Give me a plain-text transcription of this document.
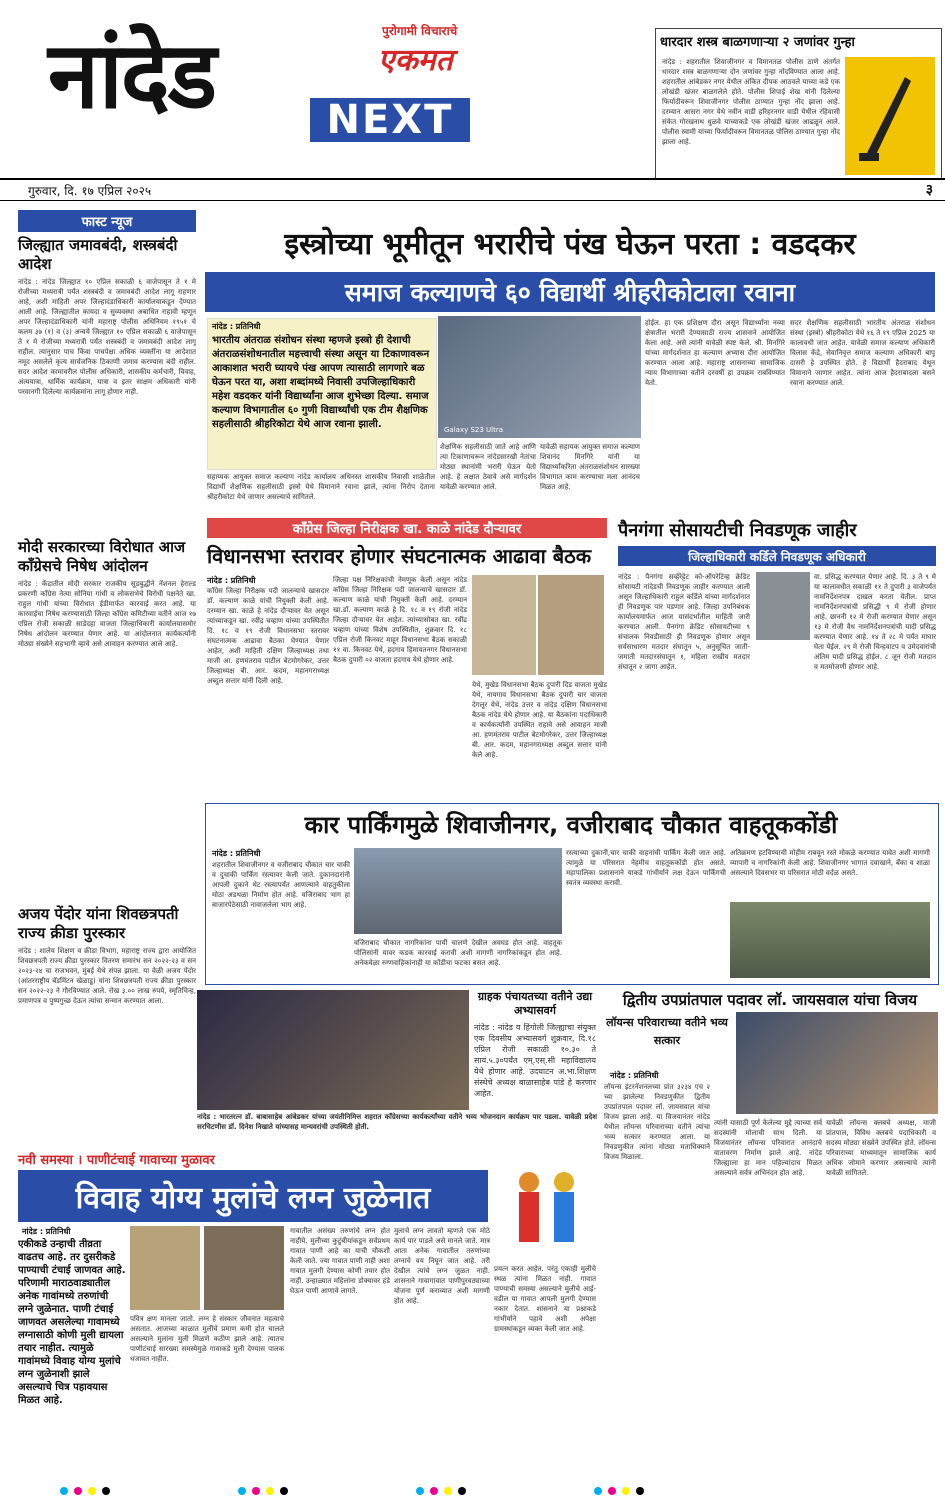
नांदेड	पुरोगामी विचाराचे
एकमत
NEXT
धारदार शस्त्र बाळगणाऱ्या २ जणांवर गुन्हा
नांदेड : शहरातील शिवाजीनगर व विमानतळ पोलीस ठाणे अंतर्गत धारदार शस्त्र बाळगणाऱ्या दोन जणांवर गुन्हा नोंदविण्यात आला आहे. शहरातील आंबेडकर नगर येथील अंकित दीपक आठवले याच्या कडे एक लोखंडी खंजर बाळगलेले होते. पोलीस शिपाई शेख यांनी दिलेल्या फिर्यादीवरून शिवाजीनगर पोलीस ठाण्यात गुन्हा नोंद झाला आहे. दरम्यान आसरा नगर येथे नवीन वाडी हरिहरनगर वाडी येथील रहिवासी संकेत गोरखनाथ धुळवे याच्याकडे एक लोखंडी खंजर आढळून आले. पोलीस स्वामी यांच्या फिर्यादीवरून विमानतळ पोलिस ठाण्यात गुन्हा नोंद झाला आहे.
गुरुवार, दि. १७ एप्रिल २०२५	३
फास्ट न्यूज
जिल्ह्यात जमावबंदी, शस्त्रबंदी आदेश
नांदेड : नांदेड जिल्ह्यात १० एप्रिल सकाळी ६ वाजेपासून ते १ मे रोजीच्या मध्यरात्री पर्यंत शस्त्रबंदी व जमावबंदी आदेश लागू राहणार आहे, अशी माहिती अपर जिल्हादंडाधिकारी कार्यालयाकडून देण्यात आली आहे. जिल्ह्यातील कायदा व सुव्यवस्था अबाधित राहावी म्हणून अपर जिल्हादंडाधिकारी यांनी महाराष्ट्र पोलीस अधिनियम १९५१ चे कलम ३७ (१) व (३) अन्वये जिल्ह्यात १० एप्रिल सकाळी ६ वाजेपासून ते १ मे रोजीच्या मध्यरात्री पर्यंत शस्त्रबंदी व जमावबंदी आदेश लागू राहील. त्यानुसार पाच किंवा पाचपेक्षा अधिक व्यक्तींना या आदेशात नमूद असलेले कृत्य सार्वजनिक ठिकाणी जमाव करण्यास बंदी राहील. सदर आदेश कामावरील पोलीस अधिकारी, शासकीय कर्मचारी, विवाह, अंत्ययात्रा, धार्मिक कार्यक्रम, यात्रा व इतर साक्षम अधिकारी यांनी परवानगी दिलेल्या कार्यक्रमांना लागू होणार नाही.
मोदी सरकारच्या विरोधात आज काँग्रेसचे निषेध आंदोलन
नांदेड : केंद्रातील मोदी सरकार राजकीय सूडबुद्धीने नॅशनल हेराल्ड प्रकरणी काँग्रेस नेत्या सोनिया गांधी व लोकसभेचे विरोधी पक्षनेते खा. राहुल गांधी यांच्या विरोधात ईडीमार्फत कारवाई करत आहे. या कारवाईचा निषेध करण्यासाठी जिल्हा काँग्रेस कमिटीच्या वतीने आज १७ एप्रिल रोजी सकाळी साडेदहा वाजता जिल्हाधिकारी कार्यालयासमोर निषेध आंदोलन करण्यात येणार आहे. या आंदोलनात कार्यकर्त्यांनी मोठ्या संख्येने सहभागी व्हावे असे आवाहन करण्यात आले आहे.
अजय पेंदोर यांना शिवछत्रपती राज्य क्रीडा पुरस्कार
नांदेड : शालेय शिक्षण व क्रीडा विभाग, महाराष्ट्र राज्य द्वारा आयोजित शिवछत्रपती राज्य क्रीडा पुरस्कार वितरण समारंभ सन २०२२-२३ व सन २०२३-२४ चा राजभवन, मुंबई येथे संपन्न झाला. या वेळी अजय पेंदोर (आंतरराष्ट्रीय बॅडमिंटन खेळाडू) यांना शिवछत्रपती राज्य क्रीडा पुरस्कार सन २०२२-२३ ने गौरविण्यात आले. रोख ३.०० लाख रुपये, स्मृतिचिन्ह, प्रमाणपत्र व पुष्पगुच्छ देऊन त्यांचा सन्मान करण्यात आला.
इस्त्रोच्या भूमीतून भरारीचे पंख घेऊन परता : वडदकर
समाज कल्याणचे ६० विद्यार्थी श्रीहरीकोटाला रवाना
नांदेड : प्रतिनिधी
भारतीय अंतराळ संशोधन संस्था म्हणजे इस्त्रो ही देशाची अंतराळसंशोधनातील महत्त्वाची संस्था असून या टिकाणावरून आकाशात भरारी घ्यायचे पंख आपण त्यासाठी लागणारे बळ घेऊन परत या, अशा शब्दांमध्ये निवासी उपजिल्हाधिकारी महेश वडदकर यांनी विद्यार्थ्यांना आज शुभेच्छा दिल्या. समाज कल्याण विभागातील ६० गुणी विद्यार्थ्यांची एक टीम शैक्षणिक सहलीसाठी श्रीहरिकोटा येथे आज रवाना झाली.	Galaxy S23 Ultra
शैक्षणिक सहलीसाठी जाते आहे आणि त्या टिकाणाचरून नांदेडसारखी नेतांचा मोठ्या स्थानांमी भरारी घेऊन येतो आहे. हे लक्षात ठेवावे असे मार्गदर्शन यावेळी करण्यात आले.
यावेळी सहायक आयुक्त समाज कल्याण शिवानंद मिनगिरे यांनी या विद्यार्थ्यांकरिता अंतराळसंशोधन सारख्या विभागात काम करण्याचा मला आनंदच मिळत आहे.
होईल. हा एक प्रशिक्षण दौरा असून विद्यार्थ्यांना नव्या क्षेत्रातील भरारी देण्यासाठी राज्य शासनाने आयोजित केला आहे. असे त्यांनी यावेळी स्पष्ट केले. श्री. मिनगिरे यांच्या मार्गदर्शनात हा कल्याण अभ्यास दौरा आयोजित करण्यात आला आहे. महाराष्ट्र शासनाच्या सामाजिक न्याय विभागाच्या वतीने दरवर्षी हा उपक्रम राबविण्यात येतो.
सदर शैक्षणिक सहलीसाठी भारतीय अंतराळ संशोधन संस्था (इस्त्रो) श्रीहरीकोटा येथे १६ ते १९ एप्रिल 2025 या कालावधी जात आहेत. यावेळी समाज कल्याण अधिकारी विलास केंद्रे, सेवानिवृत्त समाज कल्याण अधिकारी बापू दासरी हे उपस्थित होते. हे विद्यार्थी हैदराबाद येथून विमानाने जाणार आहेत. त्यांना आज हैदराबादला बसने रवाना करण्यात आले.
सहाय्यक आयुक्त समाज कल्याण नांदेड कार्यालय अधिनस्त शासकीय निवासी शाळेतील विद्यार्थी शैक्षणिक सहलीसाठी इस्त्रो येथे विमानाने रवाना झाले, त्यांना निरोप देताना श्रीहरीकोटा येथे जाणार असल्याचे सांगितले.
कॉंग्रेस जिल्हा निरीक्षक खा. काळे नांदेड दौऱ्यावर
विधानसभा स्तरावर होणार संघटनात्मक आढावा बैठक
नांदेड : प्रतिनिधी
काँग्रेस जिल्हा निरीक्षक पदी जालन्याचे खासदार डॉ. कल्याण काळे यांची नियुक्ती केली आहे. दरम्यान खा. काळे हे नांदेड दौऱ्यावर येत असून त्यांच्याकडून खा. रवींद्र चव्हाण यांच्या उपस्थितीत दि. १८ व १९ रोजी विधानसभा स्तरावर संघटनात्मक आढावा बैठका घेण्यात येणार आहेत, अशी माहिती दक्षिण जिल्हाध्यक्ष तथा माजी आ. हणमंतराव पाटील बेटमोगरेकर, उत्तर जिल्हाध्यक्ष बी. आर. कदम, महानगराध्यक्ष अब्दुल सत्तार यांनी दिली आहे.
जिल्हा पक्ष निरिक्षकांची नेमणूक केली असून नांदेड काँग्रेस जिल्हा निरिक्षक पदी जालन्याचे खासदार डॉ. कल्याण काळे यांची नियुक्ती केली आहे. दरम्यान खा.डॉ. कल्याण काळे हे दि. १८ व १९ रोजी नांदेड जिल्हा दौऱ्यावर येत आहेत. त्यांच्यासोबत खा. रवींद्र चव्हाण यांच्या विशेष उपस्थितीत, शुक्रवार दि. १८ एप्रिल रोजी किनवट माहूर विधानसभा बैठक सकाळी ११ वा. किनवट येथे, हदगाव हिमायतनगर विधानसभा बैठक दुपारी ०२ वाजता हदगाव येथे होणार आहे.
येथे, मुखेड विधानसभा बैठक दुपारी दिड वाजता मुखेड येथे, नायगाव विधानसभा बैठक दुपारी चार वाजता देगलूर येथे, नांदेड उत्तर व नांदेड दक्षिण विधानसभा बैठक नांदेड येथे होणार आहे. या बैठकांना पदाधिकारी व कार्यकर्त्यांनी उपस्थित राहावे असे आवाहन माजी आ. हणमंतराव पाटील बेटमोगरेकर, उत्तर जिल्हाध्यक्ष बी. आर. कदम, महानगराध्यक्ष अब्दुल सत्तार यांनी केले आहे.
पैनगंगा सोसायटीची निवडणूक जाहीर
जिल्हाधिकारी कर्डिले निवडणूक अधिकारी
नांदेड : पैनगंगा सर्व्हरेट्टेट को-ऑपरेटिव्ह क्रेडिट सोसायटी नांदेडची निवडणूक जाहीर करण्यात आली असून जिल्हाधिकारी राहुल कर्डिले यांच्या मार्गदर्शनात ही निवडणूक पार पडणार आहे. जिल्हा उपनिबंधक कार्यालयमार्फत आज यासंदर्भातील माहिती जारी करण्यात आली. पैनगंगा क्रेडिट सोसायटीच्या ९ संचालक निवडीसाठी ही निवडणूक होणार असून सर्वसाधारण मतदार संघातून ५, अनुसूचित जाती-जमाती मतदारसंघातून १, महिला राखीव मतदार संघातून २ जागा आहेत.
वा. प्रसिद्ध करण्यात येणार आहे. दि. ३ ते ९ मे या कालावधीत सकाळी ११ ते दुपारी ३ वाजेपर्यंत नामनिर्देशनपत्र दाखल करता येतील. प्राप्त नामनिर्देशनपत्रांची प्रसिद्धी ९ मे रोजी होणार आहे. छाननी १२ मे रोजी करण्यात येणार असून १३ मे रोजी वैध नामनिर्देशनपत्रांची यादी प्रसिद्ध करण्यात येणार आहे. १४ ते २८ मे पर्यंत माघार घेता येईल. २९ मे रोजी चिन्हवाटप व उमेदवारांची अंतिम यादी प्रसिद्ध होईल. ८ जून रोजी मतदान व मतमोजणी होणार आहे.
कार पार्किंगमुळे शिवाजीनगर, वजीराबाद चौकात वाहतूककोंडी
नांदेड : प्रतिनिधी
शहरातील शिवाजीनगर व वजीराबाद चौकात चार चाकी व दुचाकी पार्किंग रस्त्यावर केली जाते. दुकानदारांनी आपली दुकाने थेट रस्त्यापर्यंत आणल्याने वाहतुकीला मोठा अडथळा निर्माण होत आहे. वजिराबाद भाग हा बाजारपेठेसाठी नावाजलेला भाग आहे.
वजिराबाद चौकात नागरिकांना पायी चालणे देखील अवघड होत आहे. वाहतूक पोलिसांनी यावर कडक कारवाई करावी अशी मागणी नागरिकांकडून होत आहे. अनेकवेळा रुग्णवाहिकांनाही या कोंडीचा फटका बसत आहे.
रस्त्याच्या दुकानी,चार चाकी वाहनांची पार्किंग केली जात आहे. त्यामुळे या परिसरात नेहमीच वाहतूककोंडी होत असते. महापालिका प्रशासनाने याकडे गांभीर्याने लक्ष देऊन पार्किंगची स्वतंत्र व्यवस्था करावी.
अतिक्रमण हटविण्याची मोहीम राबवून रस्ते मोकळे करण्यात यावेत अशी मागणी व्यापारी व नागरिकांनी केली आहे. शिवाजीनगर भागात दवाखाने, बँका व शाळा असल्याने दिवसभर या परिसरात मोठी वर्दळ असते.
नांदेड : भारतरत्न डॉ. बाबासाहेब आंबेडकर यांच्या जयंतीनिमित्त शहरात काँग्रेसच्या कार्यकर्त्यांच्या वतीने भव्य भोजनदान कार्यक्रम पार पडला. यावेळी प्रदेश सरचिटणीस डॉ. दिनेश निखाते यांच्यासह मान्यवरांची उपस्थिती होती.
ग्राहक पंचायतच्या वतीने उद्या अभ्यासवर्ग
नांदेड : नांदेड व हिंगोली जिल्ह्याचा संयुक्त एक दिवसीय अभ्यासवर्ग शुक्रवार, दि.१८ एप्रिल रोजी सकाळी १०.३० ते सायं.५.३०पर्यंत एम्.एस्.सी महाविद्यालय येथे होणार आहे. उदघाटन अ.भा.शिक्षण संस्थेचे अध्यक्ष बाळासाहेब पांडे हे करणार आहेत.
द्वितीय उपप्रांतपाल पदावर लॉ. जायसवाल यांचा विजय
लॉयन्स परिवाराच्या वतीने भव्य सत्कार
नांदेड : प्रतिनिधी
लॉयन्स इंटरनॅशनलच्या प्रांत ३२३४ एच २ च्या झालेल्या निवडणुकीत द्वितीय उपप्रांतपाल पदावर लॉ. जायसवाल यांचा विजय झाला आहे. या विजयानंतर नांदेड येथील लॉयन्स परिवाराच्या वतीने त्यांचा भव्य सत्कार करण्यात आला. या निवडणुकीत त्यांना मोठ्या मताधिक्याने विजय मिळाला.
त्यांनी यासाठी पूर्ण केलेल्या मुद्दे त्याच्या सर्व सदस्यांनी मोलाची साथ दिली. या विजयानंतर लॉयन्स परिवारात आनंदाचे वातावरण निर्माण झाले आहे. नांदेड जिल्ह्याला हा मान पहिल्यांदाच मिळत असल्याने सर्वत्र अभिनंदन होत आहे.
यावेळी लॉयन्स क्लबचे अध्यक्ष, माजी प्रांतपाल, विविध क्लबचे पदाधिकारी व सदस्य मोठ्या संख्येने उपस्थित होते. लॉयन्स परिवाराच्या माध्यमातून सामाजिक कार्य अधिक जोमाने करणार असल्याचे त्यांनी यावेळी सांगितले.
नवी समस्या । पाणीटंचाई गावाच्या मुळावर
विवाह योग्य मुलांचे लग्न जुळेनात
नांदेड : प्रतिनिधी
एकीकडे उन्हाची तीव्रता वाढतच आहे. तर दुसरीकडे पाण्याची टंचाई जाणवत आहे. परिणामी माराठवाड्यातील अनेक गावांमध्ये तरुणांची लग्ने जुळेनात. पाणी टंचाई जाणवत असलेल्या गावामध्ये लग्नासाठी कोणी मुली द्यायला तयार नाहीत. त्यामुळे गावांमध्ये विवाह योग्य मुलांचे लग्न जुळेनाशी झाले असल्याचे चित्र पहावयास मिळत आहे.
पवित्र क्षण मानला जातो. लग्न हे संस्कार जीवनात महत्वाचे असतात. आजच्या काळात मुलींचे प्रमाण कमी होत चालले असल्याने मुलांना मुली मिळणे कठीण झाले आहे. त्यातच पाणीटंचाई सारख्या समस्येमुळे गावाकडे मुली देण्यास पालक धजावत नाहीत.
गावातील असंख्य तरुणांचे लग्न होत नाहीये. मुलीच्या कुटुंबीयांकडून सर्वप्रथम गावात पाणी आहे का याची चौकशी केली जाते. ज्या गावात पाणी नाही अशा गावात मुलगी देण्यास कोणी तयार होत नाही. उन्हाळ्यात महिलांना डोक्यावर हंडे घेऊन पाणी आणावे लागते.
मुलाचे लग्न लावतो म्हणजे एक मोठे कार्य पार पाडले असे मानले जाते. मात्र आता अनेक गावातील तरुणांच्या लग्नाचे वय निघून जात आहे. तरी देखील त्यांचे लग्न जुळत नाही. शासनाने गावागावात पाणीपुरवठ्याच्या योजना पूर्ण कराव्यात अशी मागणी होत आहे.
प्रयत्न करत आहेत. परंतु एकाही मुलीचे स्थळ त्यांना मिळत नाही. गावात पाण्याची समस्या असल्याने मुलीचे आई-वडील या गावात आपली मुलगी देण्यास नकार देतात. शासनाने या प्रश्नाकडे गांभीर्याने पहावे अशी अपेक्षा ग्रामस्थांकडून व्यक्त केली जात आहे.
